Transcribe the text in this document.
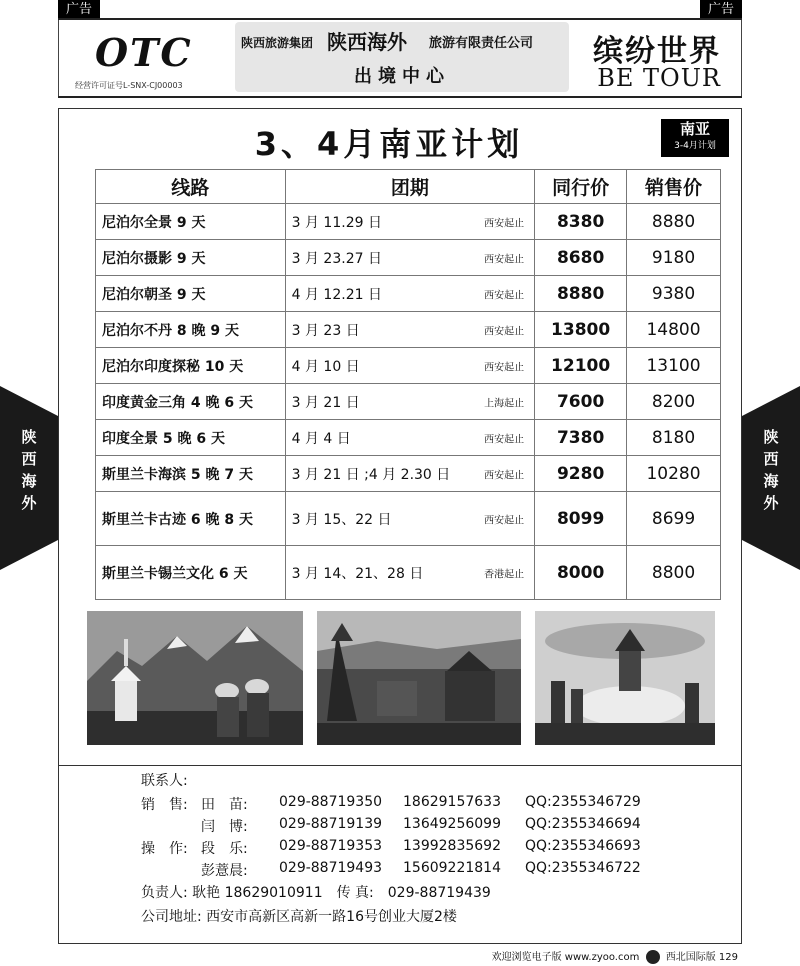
广告	广告
OTC
经营许可证号L-SNX-CJ00003
陕西旅游集团 陕西海外 旅游有限责任公司
出境中心
缤纷世界
BE TOUR
陕
西
海
外
陕
西
海
外
3、4月南亚计划	南亚
3-4月计划
线路	团期	同行价	销售价
尼泊尔全景 9 天	3 月 11.29 日 西安起止	8380	8880
尼泊尔摄影 9 天	3 月 23.27 日 西安起止	8680	9180
尼泊尔朝圣 9 天	4 月 12.21 日 西安起止	8880	9380
尼泊尔不丹 8 晚 9 天	3 月 23 日 西安起止	13800	14800
尼泊尔印度探秘 10 天	4 月 10 日 西安起止	12100	13100
印度黄金三角 4 晚 6 天	3 月 21 日 上海起止	7600	8200
印度全景 5 晚 6 天	4 月 4 日 西安起止	7380	8180
斯里兰卡海滨 5 晚 7 天	3 月 21 日 ;4 月 2.30 日 西安起止	9280	10280
斯里兰卡古迹 6 晚 8 天	3 月 15、22 日 西安起止	8099	8699
斯里兰卡锡兰文化 6 天	3 月 14、21、28 日 香港起止	8000	8800
联系人:
销　售: 田　苗: 029-88719350 18629157633 QQ:2355346729
闫　博: 029-88719139 13649256099 QQ:2355346694
操　作: 段　乐: 029-88719353 13992835692 QQ:2355346693
彭薏晨: 029-88719493 15609221814 QQ:2355346722
负责人: 耿艳 18629010911　传 真:　029-88719439
公司地址: 西安市高新区高新一路16号创业大厦2楼
欢迎浏览电子版 www.zyoo.com	西北国际版 129
